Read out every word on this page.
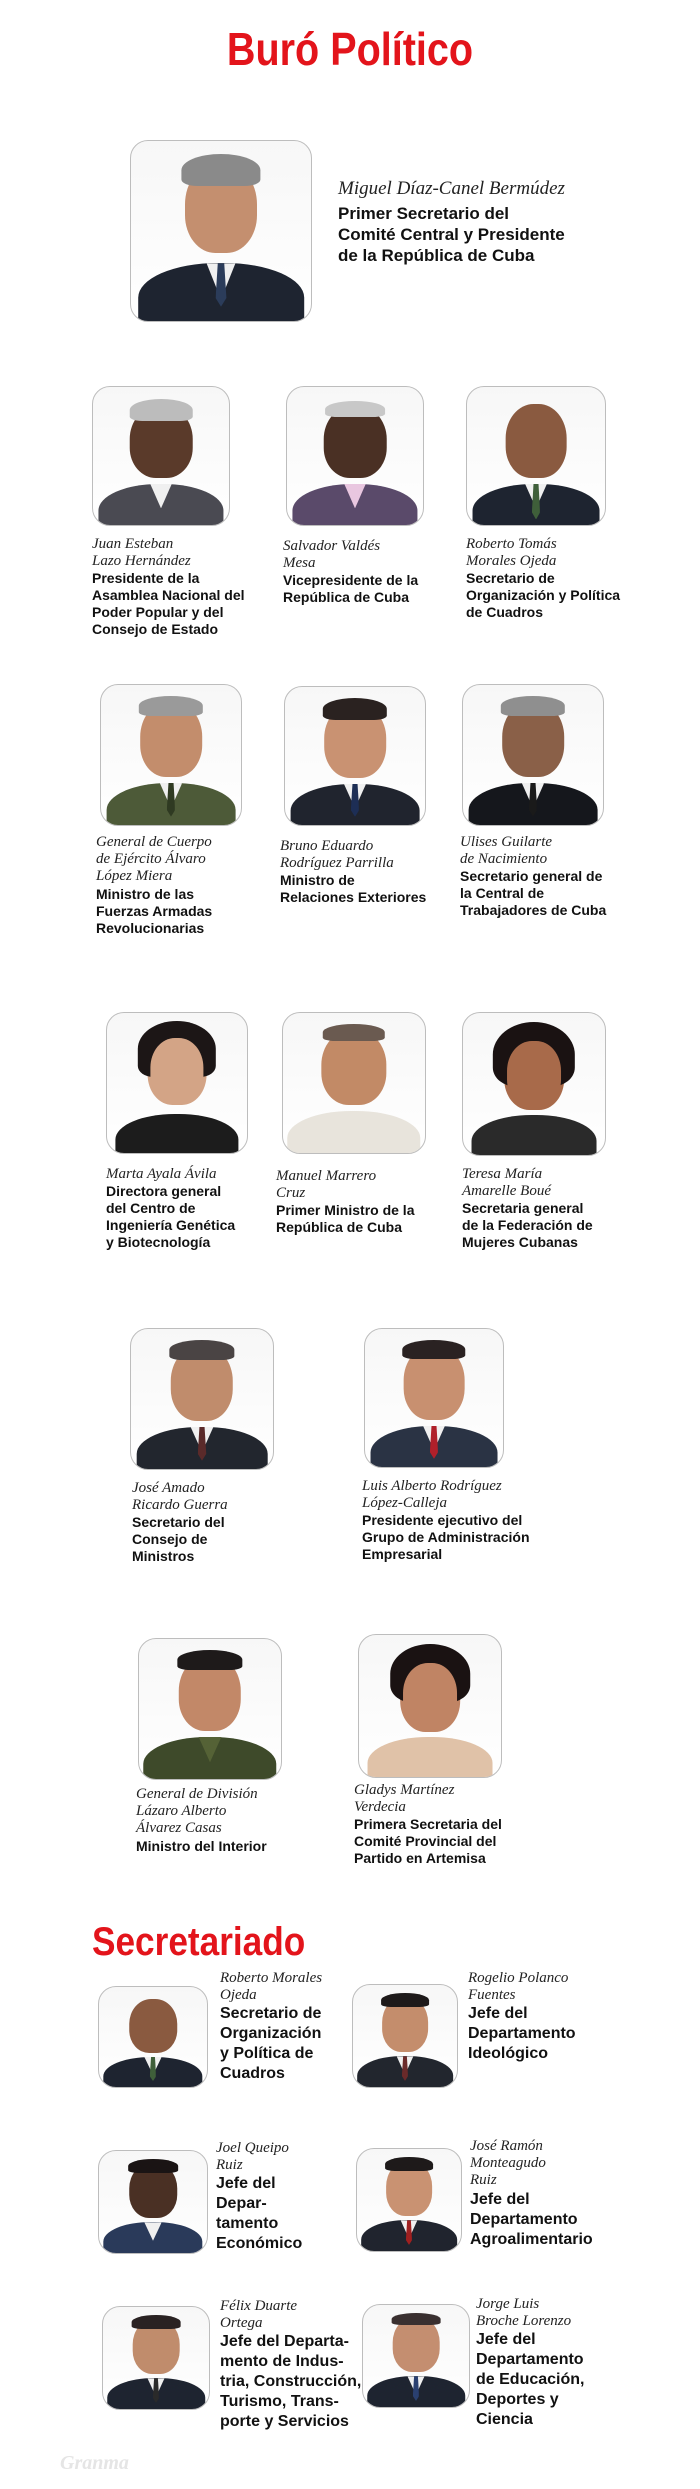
Buró Político
Miguel Díaz-Canel Bermúdez
Primer Secretario del
Comité Central y Presidente
de la República de Cuba
Juan Esteban
Lazo Hernández
Presidente de la
Asamblea Nacional del
Poder Popular y del
Consejo de Estado
Salvador Valdés
Mesa
Vicepresidente de la
República de Cuba
Roberto Tomás
Morales Ojeda
Secretario de
Organización y Política
de Cuadros
General de Cuerpo
de Ejército Álvaro
López Miera
Ministro de las
Fuerzas Armadas
Revolucionarias
Bruno Eduardo
Rodríguez Parrilla
Ministro de
Relaciones Exteriores
Ulises Guilarte
de Nacimiento
Secretario general de
la Central de
Trabajadores de Cuba
Marta Ayala Ávila
Directora general
del Centro de
Ingeniería Genética
y Biotecnología
Manuel Marrero
Cruz
Primer Ministro de la
República de Cuba
Teresa María
Amarelle Boué
Secretaria general
de la Federación de
Mujeres Cubanas
José Amado
Ricardo Guerra
Secretario del
Consejo de
Ministros
Luis Alberto Rodríguez
López-Calleja
Presidente ejecutivo del
Grupo de Administración
Empresarial
General de División
Lázaro Alberto
Álvarez Casas
Ministro del Interior
Gladys Martínez
Verdecia
Primera Secretaria del
Comité Provincial del
Partido en Artemisa
Secretariado
Roberto Morales
Ojeda
Secretario de
Organización
y Política de
Cuadros
Rogelio Polanco
Fuentes
Jefe del
Departamento
Ideológico
Joel Queipo
Ruiz
Jefe del
Depar-
tamento
Económico
José Ramón
Monteagudo
Ruiz
Jefe del
Departamento
Agroalimentario
Félix Duarte
Ortega
Jefe del Departa-
mento de Indus-
tria, Construcción,
Turismo, Trans-
porte y Servicios
Jorge Luis
Broche Lorenzo
Jefe del
Departamento
de Educación,
Deportes y
Ciencia
Granma
